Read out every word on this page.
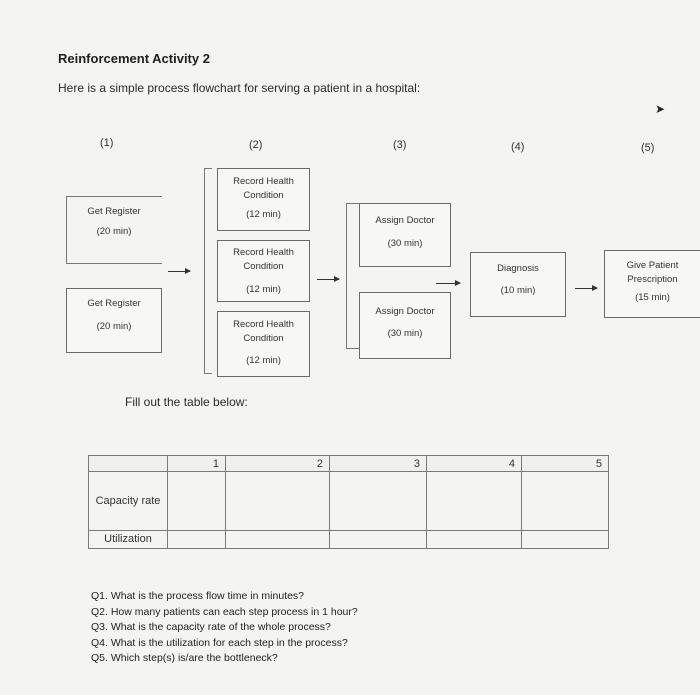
Reinforcement Activity 2
Here is a simple process flowchart for serving a patient in a hospital:
(1)	(2)	(3)	(4)	(5)
Get Register
(20 min)
Get Register
(20 min)
Record Health Condition
(12 min)
Record Health Condition
(12 min)
Record Health Condition
(12 min)
Assign Doctor
(30 min)
Assign Doctor
(30 min)
Diagnosis
(10 min)
Give Patient Prescription
(15 min)
➤
Fill out the table below:
	1	2	3	4	5
Capacity rate					
Utilization					
Q1. What is the process flow time in minutes?
Q2. How many patients can each step process in 1 hour?
Q3. What is the capacity rate of the whole process?
Q4. What is the utilization for each step in the process?
Q5. Which step(s) is/are the bottleneck?
